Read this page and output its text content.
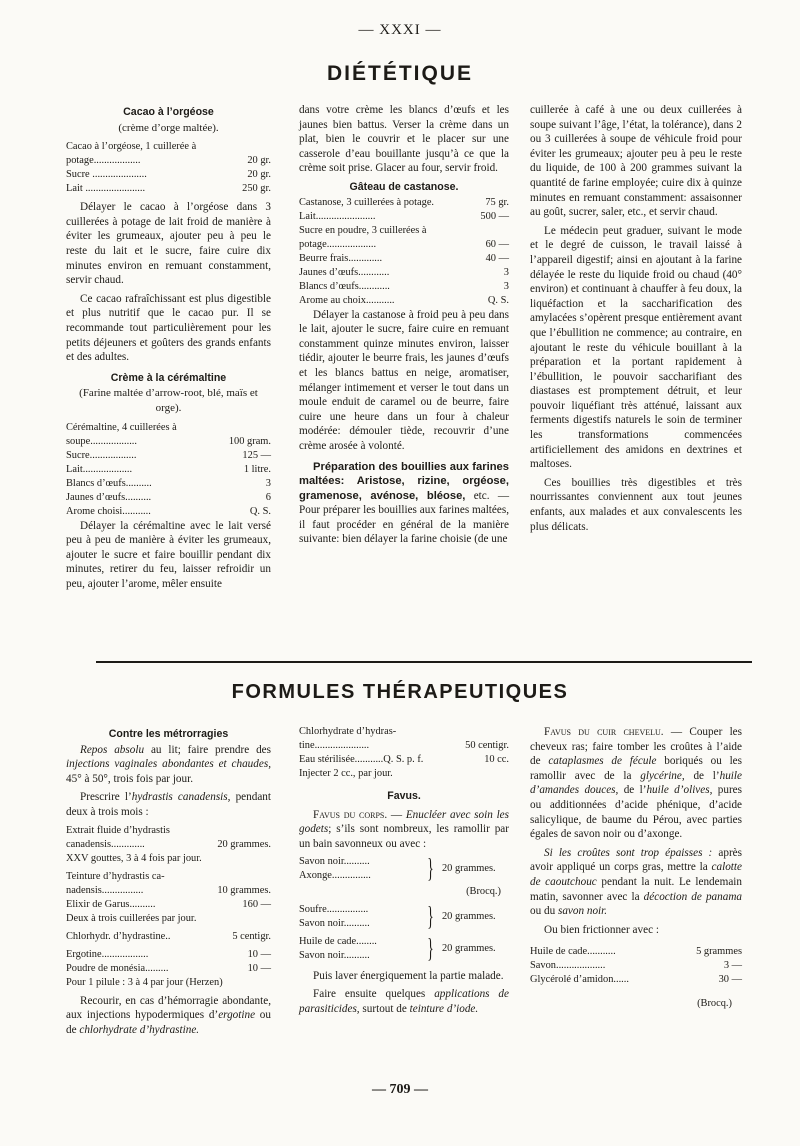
— XXXI —
DIÉTÉTIQUE
Cacao à l’orgéose
(crème d’orge maltée).
Cacao à l’orgéose, 1 cuillerée à
potage..................	20 gr.
Sucre .....................	20 gr.
Lait .......................	250 gr.

Délayer le cacao à l’orgéose dans 3 cuillerées à potage de lait froid de manière à éviter les grumeaux, ajouter peu à peu le reste du lait et le sucre, faire cuire dix minutes environ en remuant constamment, servir chaud.

Ce cacao rafraîchissant est plus digestible et plus nutritif que le cacao pur. Il se recommande tout particulièrement pour les petits déjeuners et goûters des grands enfants et des adultes.

Crème à la cérémaltine
(Farine maltée d’arrow-root, blé, maïs et orge).
Cérémaltine, 4 cuillerées à
soupe..................	100 gram.
Sucre..................	125 —
Lait...................	1 litre.
Blancs d’œufs..........	3
Jaunes d’œufs..........	6
Arome choisi...........	Q. S.

Délayer la cérémaltine avec le lait versé peu à peu de manière à éviter les grumeaux, ajouter le sucre et faire bouillir pendant dix minutes, retirer du feu, laisser refroidir un peu, ajouter l’arome, mêler ensuite

dans votre crème les blancs d’œufs et les jaunes bien battus. Verser la crème dans un plat, bien le couvrir et le placer sur une casserole d’eau bouillante jusqu’à ce que la crème soit prise. Glacer au four, servir froid.

Gâteau de castanose.
Castanose, 3 cuillerées à potage.	75 gr.
Lait.......................	500 —
Sucre en poudre, 3 cuillerées à
potage...................	60 —
Beurre frais.............	40 —
Jaunes d’œufs............	3
Blancs d’œufs............	3
Arome au choix...........	Q. S.

Délayer la castanose à froid peu à peu dans le lait, ajouter le sucre, faire cuire en remuant constamment quinze minutes environ, laisser tiédir, ajouter le beurre frais, les jaunes d’œufs et les blancs battus en neige, aromatiser, mélanger intimement et verser le tout dans un moule enduit de caramel ou de beurre, faire cuire une heure dans un four à chaleur modérée: démouler tiède, recouvrir d’une crème arosée à volonté.

Préparation des bouillies aux farines maltées: Aristose, rizine, orgéose, gramenose, avénose, bléose, etc. — Pour préparer les bouillies aux farines maltées, il faut procéder en général de la manière suivante: bien délayer la farine choisie (de une

cuillerée à café à une ou deux cuillerées à soupe suivant l’âge, l’état, la tolérance), dans 2 ou 3 cuillerées à soupe de véhicule froid pour éviter les grumeaux; ajouter peu à peu le reste du liquide, de 100 à 200 grammes suivant la quantité de farine employée; cuire dix à quinze minutes en remuant constamment: assaisonner au goût, sucrer, saler, etc., et servir chaud.

Le médecin peut graduer, suivant le mode et le degré de cuisson, le travail laissé à l’appareil digestif; ainsi en ajoutant à la farine délayée le reste du liquide froid ou chaud (40° environ) et continuant à chauffer à feu doux, la liquéfaction et la saccharification des amylacées s’opèrent presque entièrement avant que l’ébullition ne commence; au contraire, en ajoutant le reste du véhicule bouillant à la préparation et la portant rapidement à l’ébullition, le pouvoir saccharifiant des diastases est promptement détruit, et leur pouvoir liquéfiant très atténué, laissant aux ferments digestifs naturels le soin de terminer les transformations commencées artificiellement des amidons en dextrines et maltoses.

Ces bouillies très digestibles et très nourrissantes conviennent aux tout jeunes enfants, aux malades et aux convalescents les plus délicats.

FORMULES THÉRAPEUTIQUES
Contre les métrorragies

Repos absolu au lit; faire prendre des injections vaginales abondantes et chaudes, 45° à 50°, trois fois par jour.

Prescrire l’hydrastis canadensis, pendant deux à trois mois :

Extrait fluide d’hydrastis
canadensis.............	20 grammes.
XXV gouttes, 3 à 4 fois par jour.
Teinture d’hydrastis ca-
nadensis................	10 grammes.
Elixir de Garus..........	160 —
Deux à trois cuillerées par jour.
Chlorhydr. d’hydrastine..	5 centigr.
Ergotine..................	10 —
Poudre de monésia.........	10 —
Pour 1 pilule : 3 à 4 par jour (Herzen)

Recourir, en cas d’hémorragie abondante, aux injections hypodermiques d’ergotine ou de chlorhydrate d’hydrastine.

Chlorhydrate d’hydras-
tine.....................	50 centigr.
Eau stérilisée...........Q. S. p. f.	10 cc.
Injecter 2 cc., par jour.
Favus.

Favus du corps. — Enucléer avec soin les godets; s’ils sont nombreux, les ramollir par un bain savonneux ou avec :

Savon noir..........
Axonge...............	} 20 grammes.
(Brocq.)
Soufre................
Savon noir..........	} 20 grammes.
Huile de cade........
Savon noir..........	} 20 grammes.

Puis laver énergiquement la partie malade.

Faire ensuite quelques applications de parasiticides, surtout de teinture d’iode.

Favus du cuir chevelu. — Couper les cheveux ras; faire tomber les croûtes à l’aide de cataplasmes de fécule boriqués ou les ramollir avec de la glycérine, de l’huile d’amandes douces, de l’huile d’olives, pures ou additionnées d’acide phénique, d’acide salicylique, de baume du Pérou, avec parties égales de savon noir ou d’axonge.

Si les croûtes sont trop épaisses : après avoir appliqué un corps gras, mettre la calotte de caoutchouc pendant la nuit. Le lendemain matin, savonner avec la décoction de panama ou du savon noir.

Ou bien frictionner avec :

Huile de cade...........	5 grammes
Savon...................	3 —
Glycérolé d’amidon......	30 —
(Brocq.)
— 709 —
